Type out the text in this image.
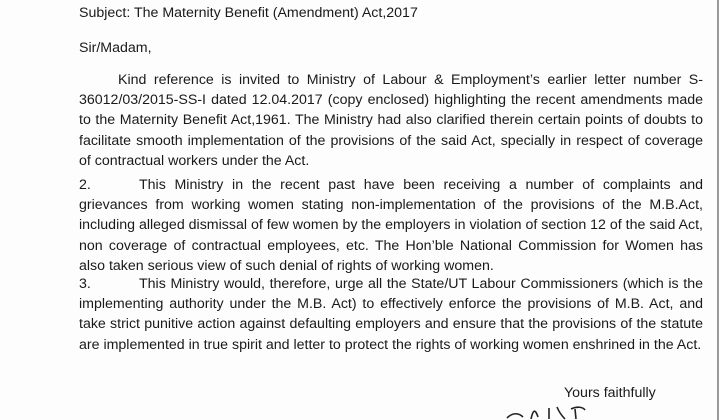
Subject: The Maternity Benefit (Amendment) Act,2017
Sir/Madam,
Kind reference is invited to Ministry of Labour & Employment’s earlier letter number S-36012/03/2015-SS-I dated 12.04.2017 (copy enclosed) highlighting the recent amendments made to the Maternity Benefit Act,1961. The Ministry had also clarified therein certain points of doubts to facilitate smooth implementation of the provisions of the said Act, specially in respect of coverage of contractual workers under the Act.
2.	This Ministry in the recent past have been receiving a number of complaints and grievances from working women stating non-implementation of the provisions of the M.B.Act, including alleged dismissal of few women by the employers in violation of section 12 of the said Act, non coverage of contractual employees, etc. The Hon’ble National Commission for Women has also taken serious view of such denial of rights of working women.
3.	This Ministry would, therefore, urge all the State/UT Labour Commissioners (which is the implementing authority under the M.B. Act) to effectively enforce the provisions of M.B. Act, and take strict punitive action against defaulting employers and ensure that the provisions of the statute are implemented in true spirit and letter to protect the rights of working women enshrined in the Act.
Yours faithfully
